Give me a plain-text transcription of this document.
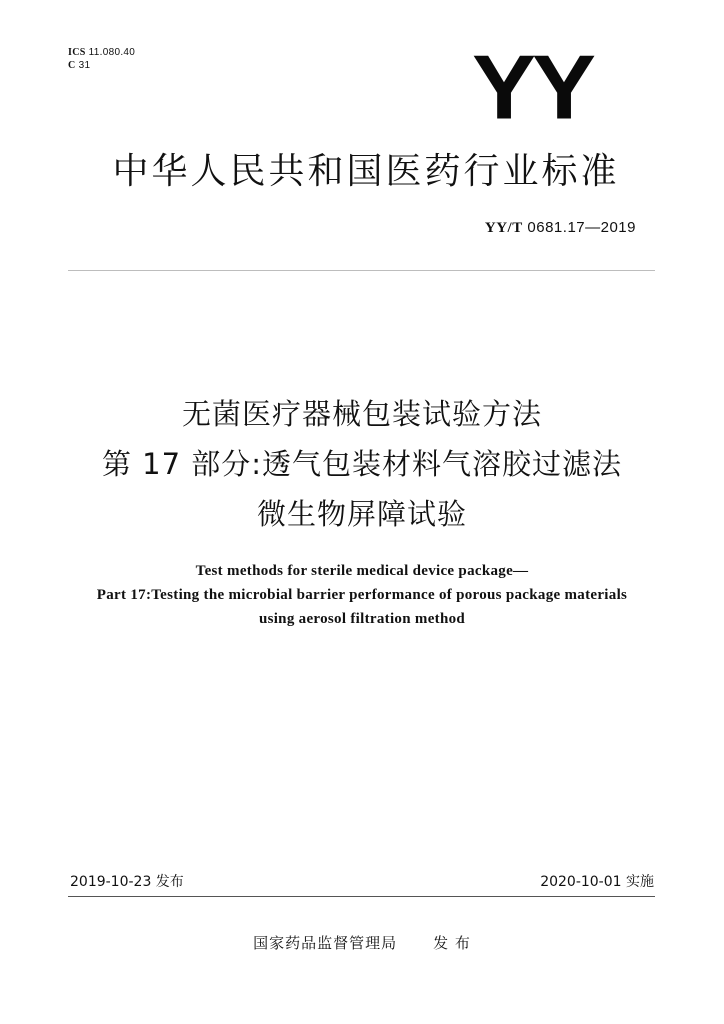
ICS 11.080.40
C 31	YY
中华人民共和国医药行业标准
YY/T 0681.17—2019
无菌医疗器械包装试验方法
第 17 部分:透气包装材料气溶胶过滤法
微生物屏障试验
Test methods for sterile medical device package—
Part 17:Testing the microbial barrier performance of porous package materials
using aerosol filtration method
2019-10-23 发布	2020-10-01 实施
国家药品监督管理局 发 布
